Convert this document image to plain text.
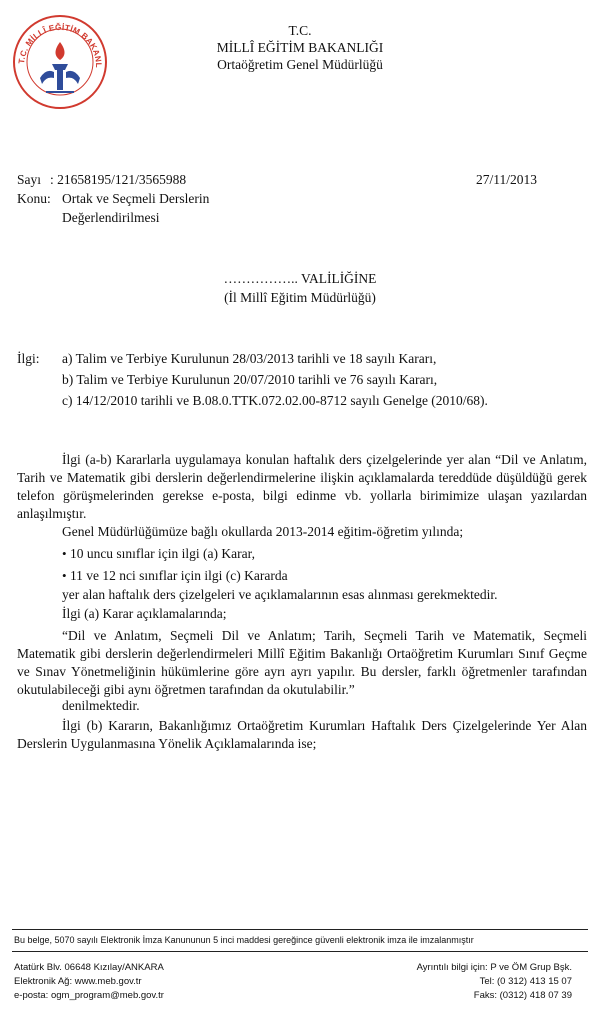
T.C. MİLLÎ EĞİTİM BAKANL
T.C.
MİLLÎ EĞİTİM BAKANLIĞI
Ortaöğretim Genel Müdürlüğü
Sayı : 21658195/121/3565988	27/11/2013
Konu: Ortak ve Seçmeli Derslerin
Değerlendirilmesi
…………….. VALİLİĞİNE
(İl Millî Eğitim Müdürlüğü)
İlgi: a) Talim ve Terbiye Kurulunun 28/03/2013 tarihli ve 18 sayılı Kararı,
b) Talim ve Terbiye Kurulunun 20/07/2010 tarihli ve 76 sayılı Kararı,
c) 14/12/2010 tarihli ve B.08.0.TTK.072.02.00-8712 sayılı Genelge (2010/68).
İlgi (a-b) Kararlarla uygulamaya konulan haftalık ders çizelgelerinde yer alan “Dil ve Anlatım, Tarih ve Matematik gibi derslerin değerlendirmelerine ilişkin açıklamalarda tereddüde düşüldüğü gerek telefon görüşmelerinden gerekse e-posta, bilgi edinme vb. yollarla birimimize ulaşan yazılardan anlaşılmıştır.
Genel Müdürlüğümüze bağlı okullarda 2013-2014 eğitim-öğretim yılında;
• 10 uncu sınıflar için ilgi (a) Karar,
• 11 ve 12 nci sınıflar için ilgi (c) Kararda
yer alan haftalık ders çizelgeleri ve açıklamalarının esas alınması gerekmektedir.
İlgi (a) Karar açıklamalarında;
“Dil ve Anlatım, Seçmeli Dil ve Anlatım; Tarih, Seçmeli Tarih ve Matematik, Seçmeli Matematik gibi derslerin değerlendirmeleri Millî Eğitim Bakanlığı Ortaöğretim Kurumları Sınıf Geçme ve Sınav Yönetmeliğinin hükümlerine göre ayrı ayrı yapılır. Bu dersler, farklı öğretmenler tarafından okutulabileceği gibi aynı öğretmen tarafından da okutulabilir.”
denilmektedir.
İlgi (b) Kararın, Bakanlığımız Ortaöğretim Kurumları Haftalık Ders Çizelgelerinde Yer Alan Derslerin Uygulanmasına Yönelik Açıklamalarında ise;
Bu belge, 5070 sayılı Elektronik İmza Kanununun 5 inci maddesi gereğince güvenli elektronik imza ile imzalanmıştır
Atatürk Blv. 06648 Kızılay/ANKARA
Elektronik Ağ: www.meb.gov.tr
e-posta: ogm_program@meb.gov.tr
Ayrıntılı bilgi için: P ve ÖM Grup Bşk.
Tel: (0 312) 413 15 07
Faks: (0312) 418 07 39
